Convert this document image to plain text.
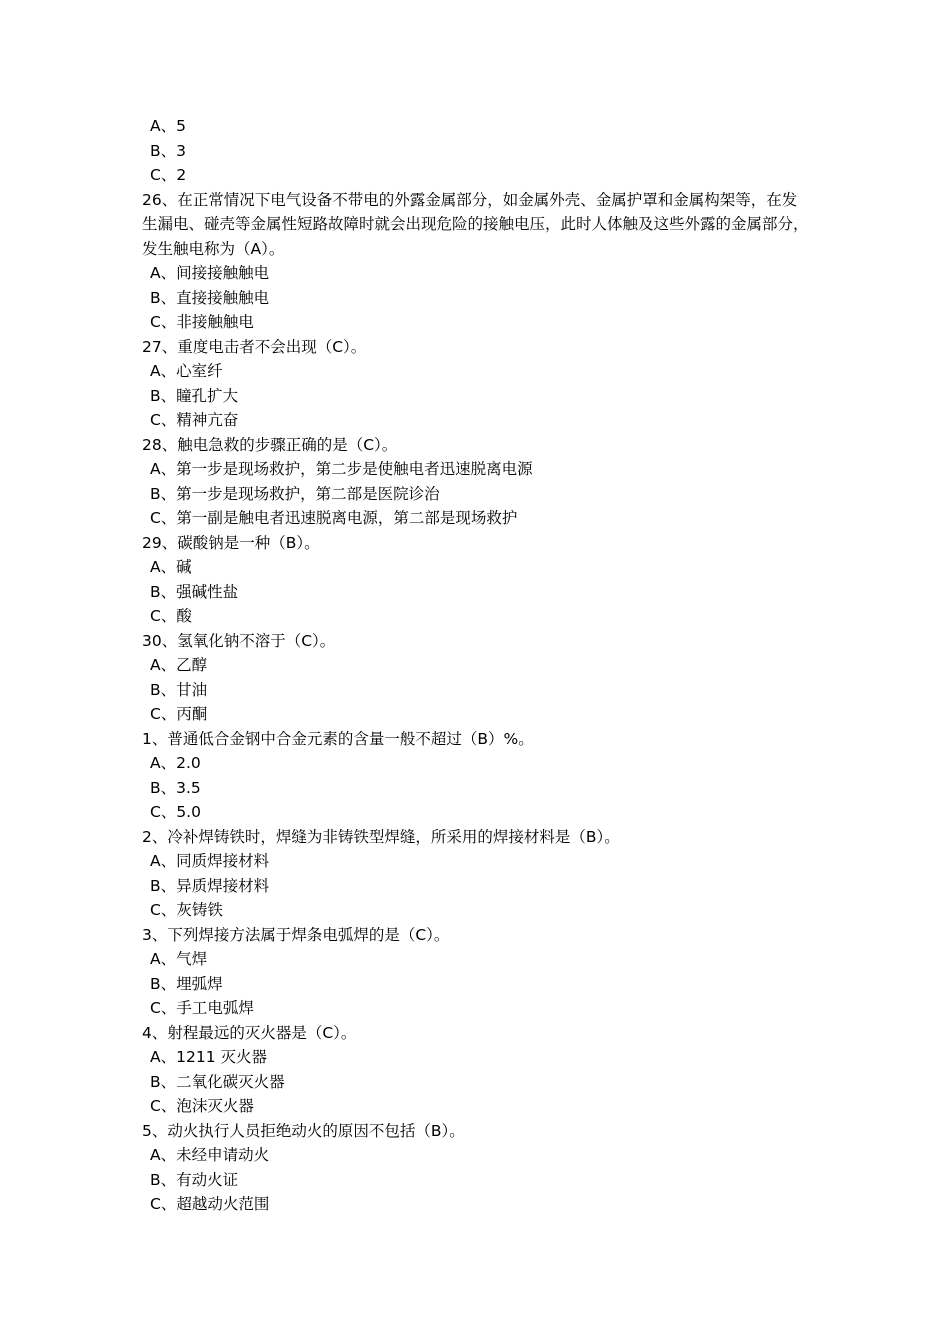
A、5

B、3

C、2

26、在正常情况下电气设备不带电的外露金属部分，如金属外壳、金属护罩和金属构架等，在发生漏电、碰壳等金属性短路故障时就会出现危险的接触电压，此时人体触及这些外露的金属部分，发生触电称为（A）。

A、间接接触触电

B、直接接触触电

C、非接触触电

27、重度电击者不会出现（C）。

A、心室纤

B、瞳孔扩大

C、精神亢奋

28、触电急救的步骤正确的是（C）。

A、第一步是现场救护，第二步是使触电者迅速脱离电源

B、第一步是现场救护，第二部是医院诊治

C、第一副是触电者迅速脱离电源，第二部是现场救护

29、碳酸钠是一种（B）。

A、碱

B、强碱性盐

C、酸

30、氢氧化钠不溶于（C）。

A、乙醇

B、甘油

C、丙酮

1、普通低合金钢中合金元素的含量一般不超过（B）%。

A、2.0

B、3.5

C、5.0

2、冷补焊铸铁时，焊缝为非铸铁型焊缝，所采用的焊接材料是（B）。

A、同质焊接材料

B、异质焊接材料

C、灰铸铁

3、下列焊接方法属于焊条电弧焊的是（C）。

A、气焊

B、埋弧焊

C、手工电弧焊

4、射程最远的灭火器是（C）。

A、1211 灭火器

B、二氧化碳灭火器

C、泡沫灭火器

5、动火执行人员拒绝动火的原因不包括（B）。

A、未经申请动火

B、有动火证

C、超越动火范围
